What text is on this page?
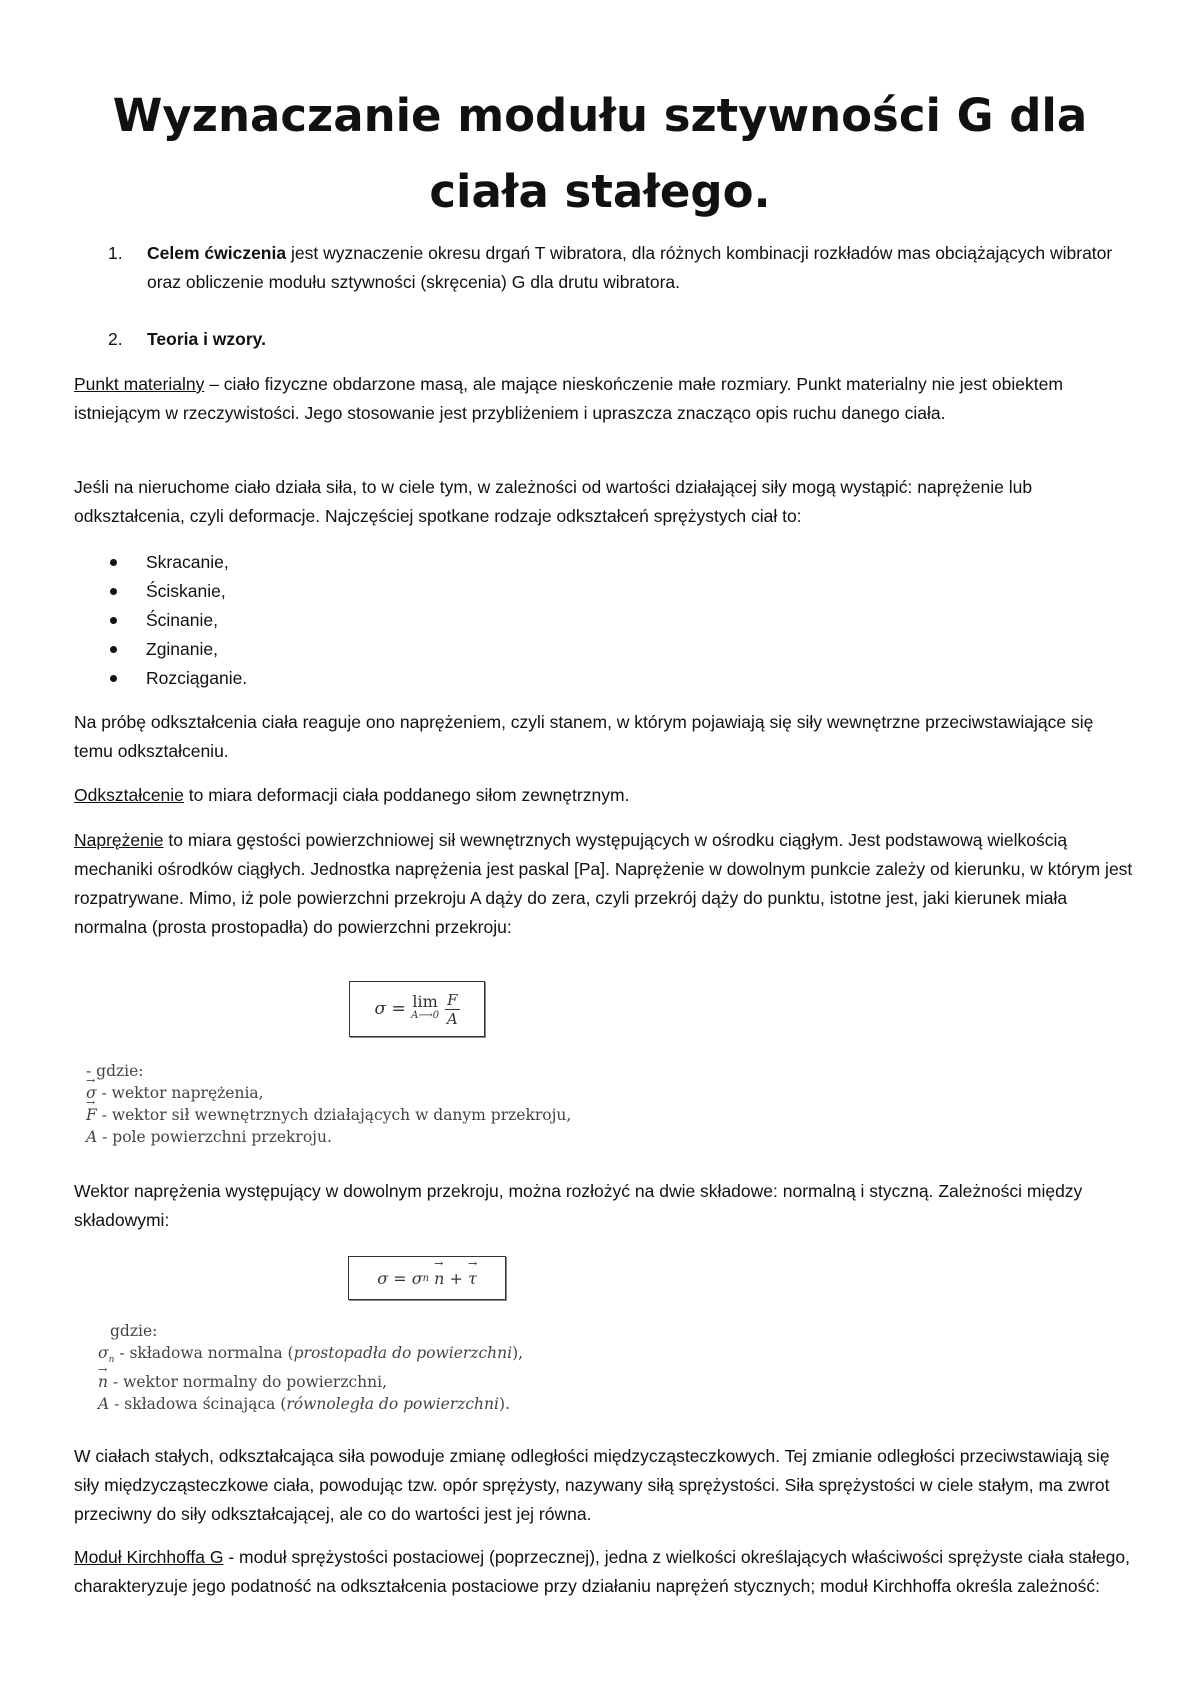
Wyznaczanie modułu sztywności G dla ciała stałego.
1. Celem ćwiczenia jest wyznaczenie okresu drgań T wibratora, dla różnych kombinacji rozkładów mas obciążających wibrator oraz obliczenie modułu sztywności (skręcenia) G dla drutu wibratora.
2. Teoria i wzory.
Punkt materialny – ciało fizyczne obdarzone masą, ale mające nieskończenie małe rozmiary. Punkt materialny nie jest obiektem istniejącym w rzeczywistości. Jego stosowanie jest przybliżeniem i upraszcza znacząco opis ruchu danego ciała.
Jeśli na nieruchome ciało działa siła, to w ciele tym, w zależności od wartości działającej siły mogą wystąpić: naprężenie lub odkształcenia, czyli deformacje. Najczęściej spotkane rodzaje odkształceń sprężystych ciał to:
Skracanie,
Ściskanie,
Ścinanie,
Zginanie,
Rozciąganie.
Na próbę odkształcenia ciała reaguje ono naprężeniem, czyli stanem, w którym pojawiają się siły wewnętrzne przeciwstawiające się temu odkształceniu.
Odkształcenie to miara deformacji ciała poddanego siłom zewnętrznym.
Naprężenie to miara gęstości powierzchniowej sił wewnętrznych występujących w ośrodku ciągłym. Jest podstawową wielkością mechaniki ośrodków ciągłych. Jednostka naprężenia jest paskal [Pa]. Naprężenie w dowolnym punkcie zależy od kierunku, w którym jest rozpatrywane. Mimo, iż pole powierzchni przekroju A dąży do zera, czyli przekrój dąży do punktu, istotne jest, jaki kierunek miała normalna (prosta prostopadła) do powierzchni przekroju:
σ = lim
A⟶0
F
A
- gdzie:
→ σ - wektor naprężenia,
→ F - wektor sił wewnętrznych działających w danym przekroju,
A - pole powierzchni przekroju.
Wektor naprężenia występujący w dowolnym przekroju, można rozłożyć na dwie składowe: normalną i styczną. Zależności między składowymi:
σ = σ n → n + → τ
gdzie:
$\sigma_n$ - składowa normalna (prostopadła do powierzchni),
→ n - wektor normalny do powierzchni,
A - składowa ścinająca (równoległa do powierzchni).
W ciałach stałych, odkształcająca siła powoduje zmianę odległości międzycząsteczkowych. Tej zmianie odległości przeciwstawiają się siły międzycząsteczkowe ciała, powodując tzw. opór sprężysty, nazywany siłą sprężystości. Siła sprężystości w ciele stałym, ma zwrot przeciwny do siły odkształcającej, ale co do wartości jest jej równa.
Moduł Kirchhoffa G - moduł sprężystości postaciowej (poprzecznej), jedna z wielkości określających właściwości sprężyste ciała stałego, charakteryzuje jego podatność na odkształcenia postaciowe przy działaniu naprężeń stycznych; moduł Kirchhoffa określa zależność:
